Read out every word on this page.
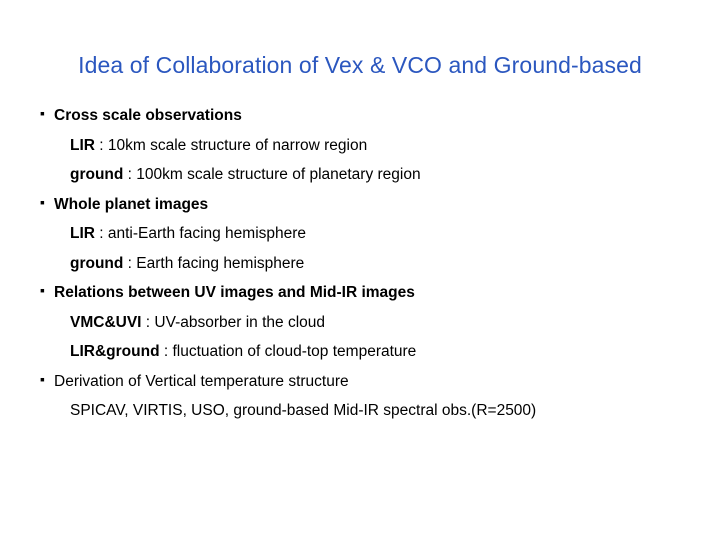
Idea of Collaboration of Vex & VCO and Ground-based
▪ Cross scale observations
LIR : 10km scale structure of narrow region
ground : 100km scale structure of planetary region
▪ Whole planet images
LIR : anti-Earth facing hemisphere
ground : Earth facing hemisphere
▪ Relations between UV images and Mid-IR images
VMC&UVI : UV-absorber in the cloud
LIR&ground : fluctuation of cloud-top temperature
▪ Derivation of Vertical temperature structure
SPICAV, VIRTIS, USO, ground-based Mid-IR spectral obs.(R=2500)
